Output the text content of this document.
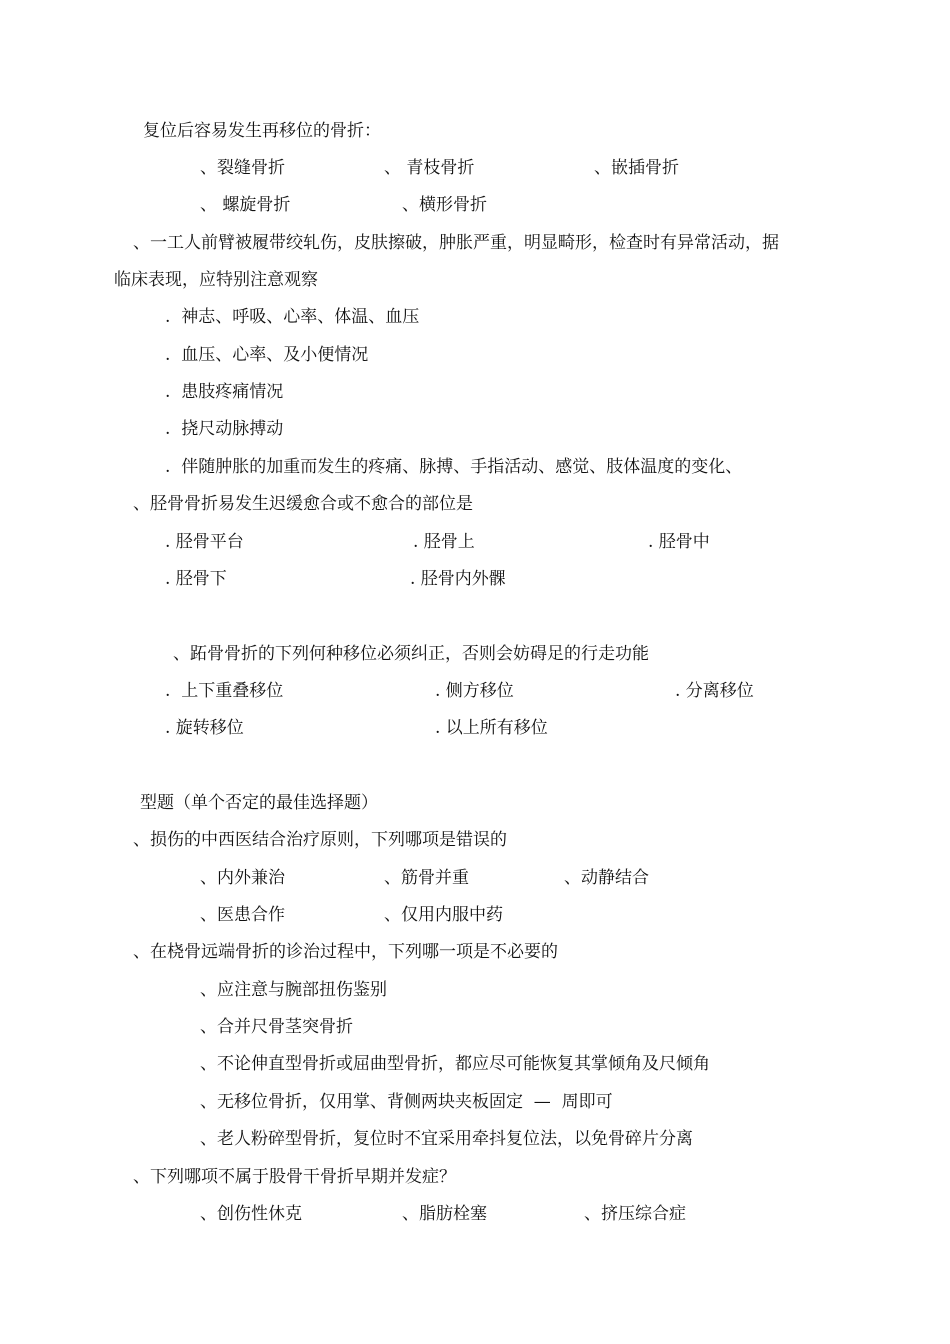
复位后容易发生再移位的骨折：
、裂缝骨折	、 青枝骨折	、嵌插骨折
、 螺旋骨折	、横形骨折
、一工人前臂被履带绞轧伤，皮肤擦破，肿胀严重，明显畸形，检查时有异常活动，据
临床表现，应特别注意观察
.  神志、呼吸、心率、体温、血压
.  血压、心率、及小便情况
.  患肢疼痛情况
.  挠尺动脉搏动
.  伴随肿胀的加重而发生的疼痛、脉搏、手指活动、感觉、肢体温度的变化、
、胫骨骨折易发生迟缓愈合或不愈合的部位是
. 胫骨平台	. 胫骨上	. 胫骨中
. 胫骨下	. 胫骨内外髁
、跖骨骨折的下列何种移位必须纠正，否则会妨碍足的行走功能
.  上下重叠移位	. 侧方移位	. 分离移位
. 旋转移位	. 以上所有移位
型题（单个否定的最佳选择题）
、损伤的中西医结合治疗原则，下列哪项是错误的
、内外兼治	、筋骨并重	、动静结合
、医患合作	、仅用内服中药
、在桡骨远端骨折的诊治过程中，下列哪一项是不必要的
、应注意与腕部扭伤鉴别
、合并尺骨茎突骨折
、不论伸直型骨折或屈曲型骨折，都应尽可能恢复其掌倾角及尺倾角
、无移位骨折，仅用掌、背侧两块夹板固定  —  周即可
、老人粉碎型骨折，复位时不宜采用牵抖复位法，以免骨碎片分离
、下列哪项不属于股骨干骨折早期并发症？
、创伤性休克	、脂肪栓塞	、挤压综合症
